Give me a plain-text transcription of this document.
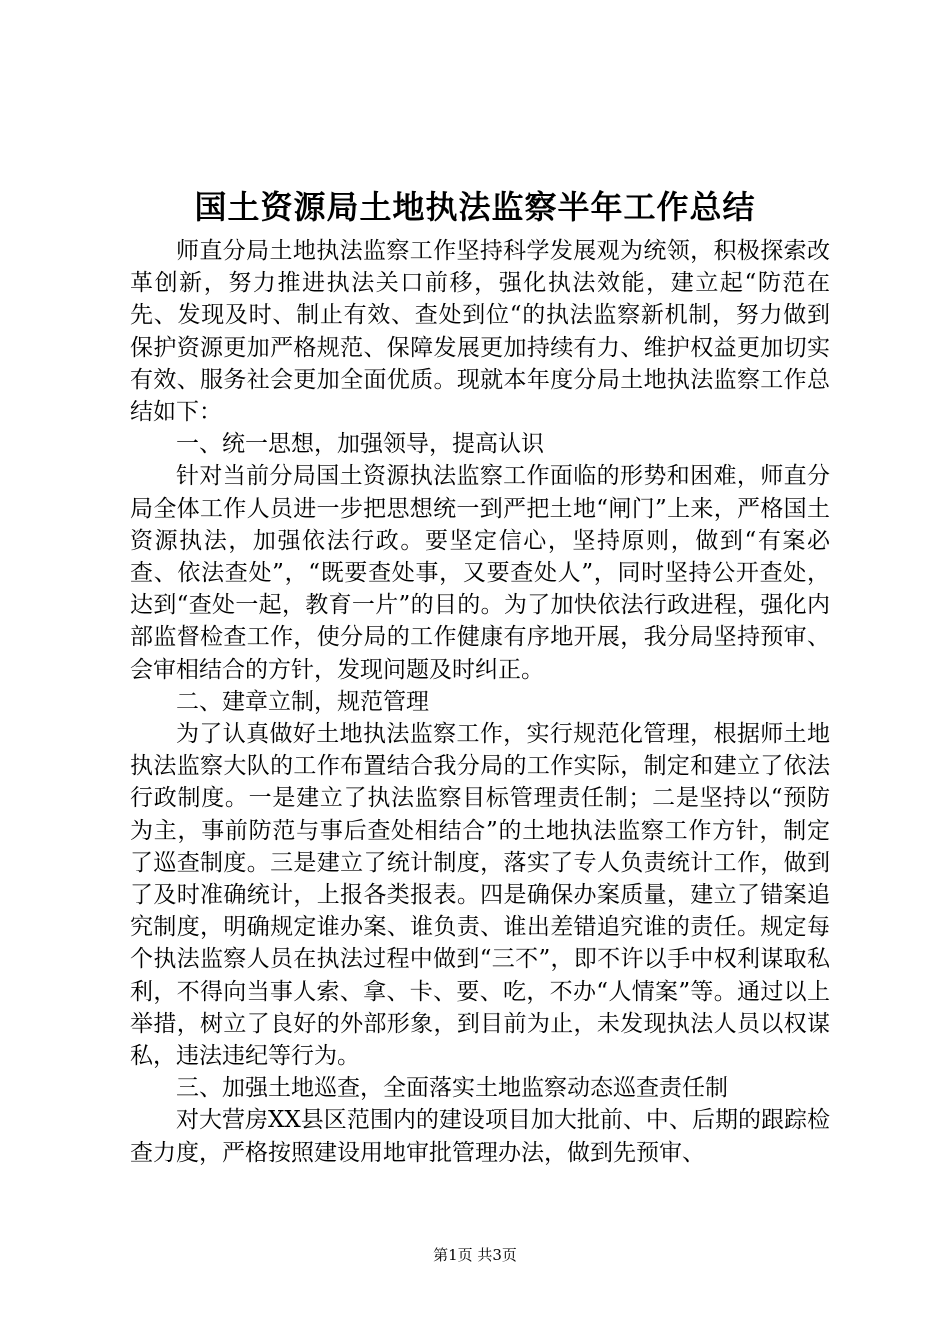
国土资源局土地执法监察半年工作总结

师直分局土地执法监察工作坚持科学发展观为统领，积极探索改革创新，努力推进执法关口前移，强化执法效能，建立起“防范在先、发现及时、制止有效、查处到位“的执法监察新机制，努力做到保护资源更加严格规范、保障发展更加持续有力、维护权益更加切实有效、服务社会更加全面优质。现就本年度分局土地执法监察工作总结如下：

一、统一思想，加强领导，提高认识

针对当前分局国土资源执法监察工作面临的形势和困难，师直分局全体工作人员进一步把思想统一到严把土地“闸门”上来，严格国土资源执法，加强依法行政。要坚定信心，坚持原则，做到“有案必查、依法查处”，“既要查处事，又要查处人”，同时坚持公开查处，达到“查处一起，教育一片”的目的。为了加快依法行政进程，强化内部监督检查工作，使分局的工作健康有序地开展，我分局坚持预审、会审相结合的方针，发现问题及时纠正。

二、建章立制，规范管理

为了认真做好土地执法监察工作，实行规范化管理，根据师土地执法监察大队的工作布置结合我分局的工作实际，制定和建立了依法行政制度。一是建立了执法监察目标管理责任制；二是坚持以“预防为主，事前防范与事后查处相结合”的土地执法监察工作方针，制定了巡查制度。三是建立了统计制度，落实了专人负责统计工作，做到了及时准确统计，上报各类报表。四是确保办案质量，建立了错案追究制度，明确规定谁办案、谁负责、谁出差错追究谁的责任。规定每个执法监察人员在执法过程中做到“三不”，即不许以手中权利谋取私利，不得向当事人索、拿、卡、要、吃，不办“人情案”等。通过以上举措，树立了良好的外部形象，到目前为止，未发现执法人员以权谋私，违法违纪等行为。

三、加强土地巡查，全面落实土地监察动态巡查责任制

对大营房XX县区范围内的建设项目加大批前、中、后期的跟踪检查力度，严格按照建设用地审批管理办法，做到先预审、

第1页 共3页
